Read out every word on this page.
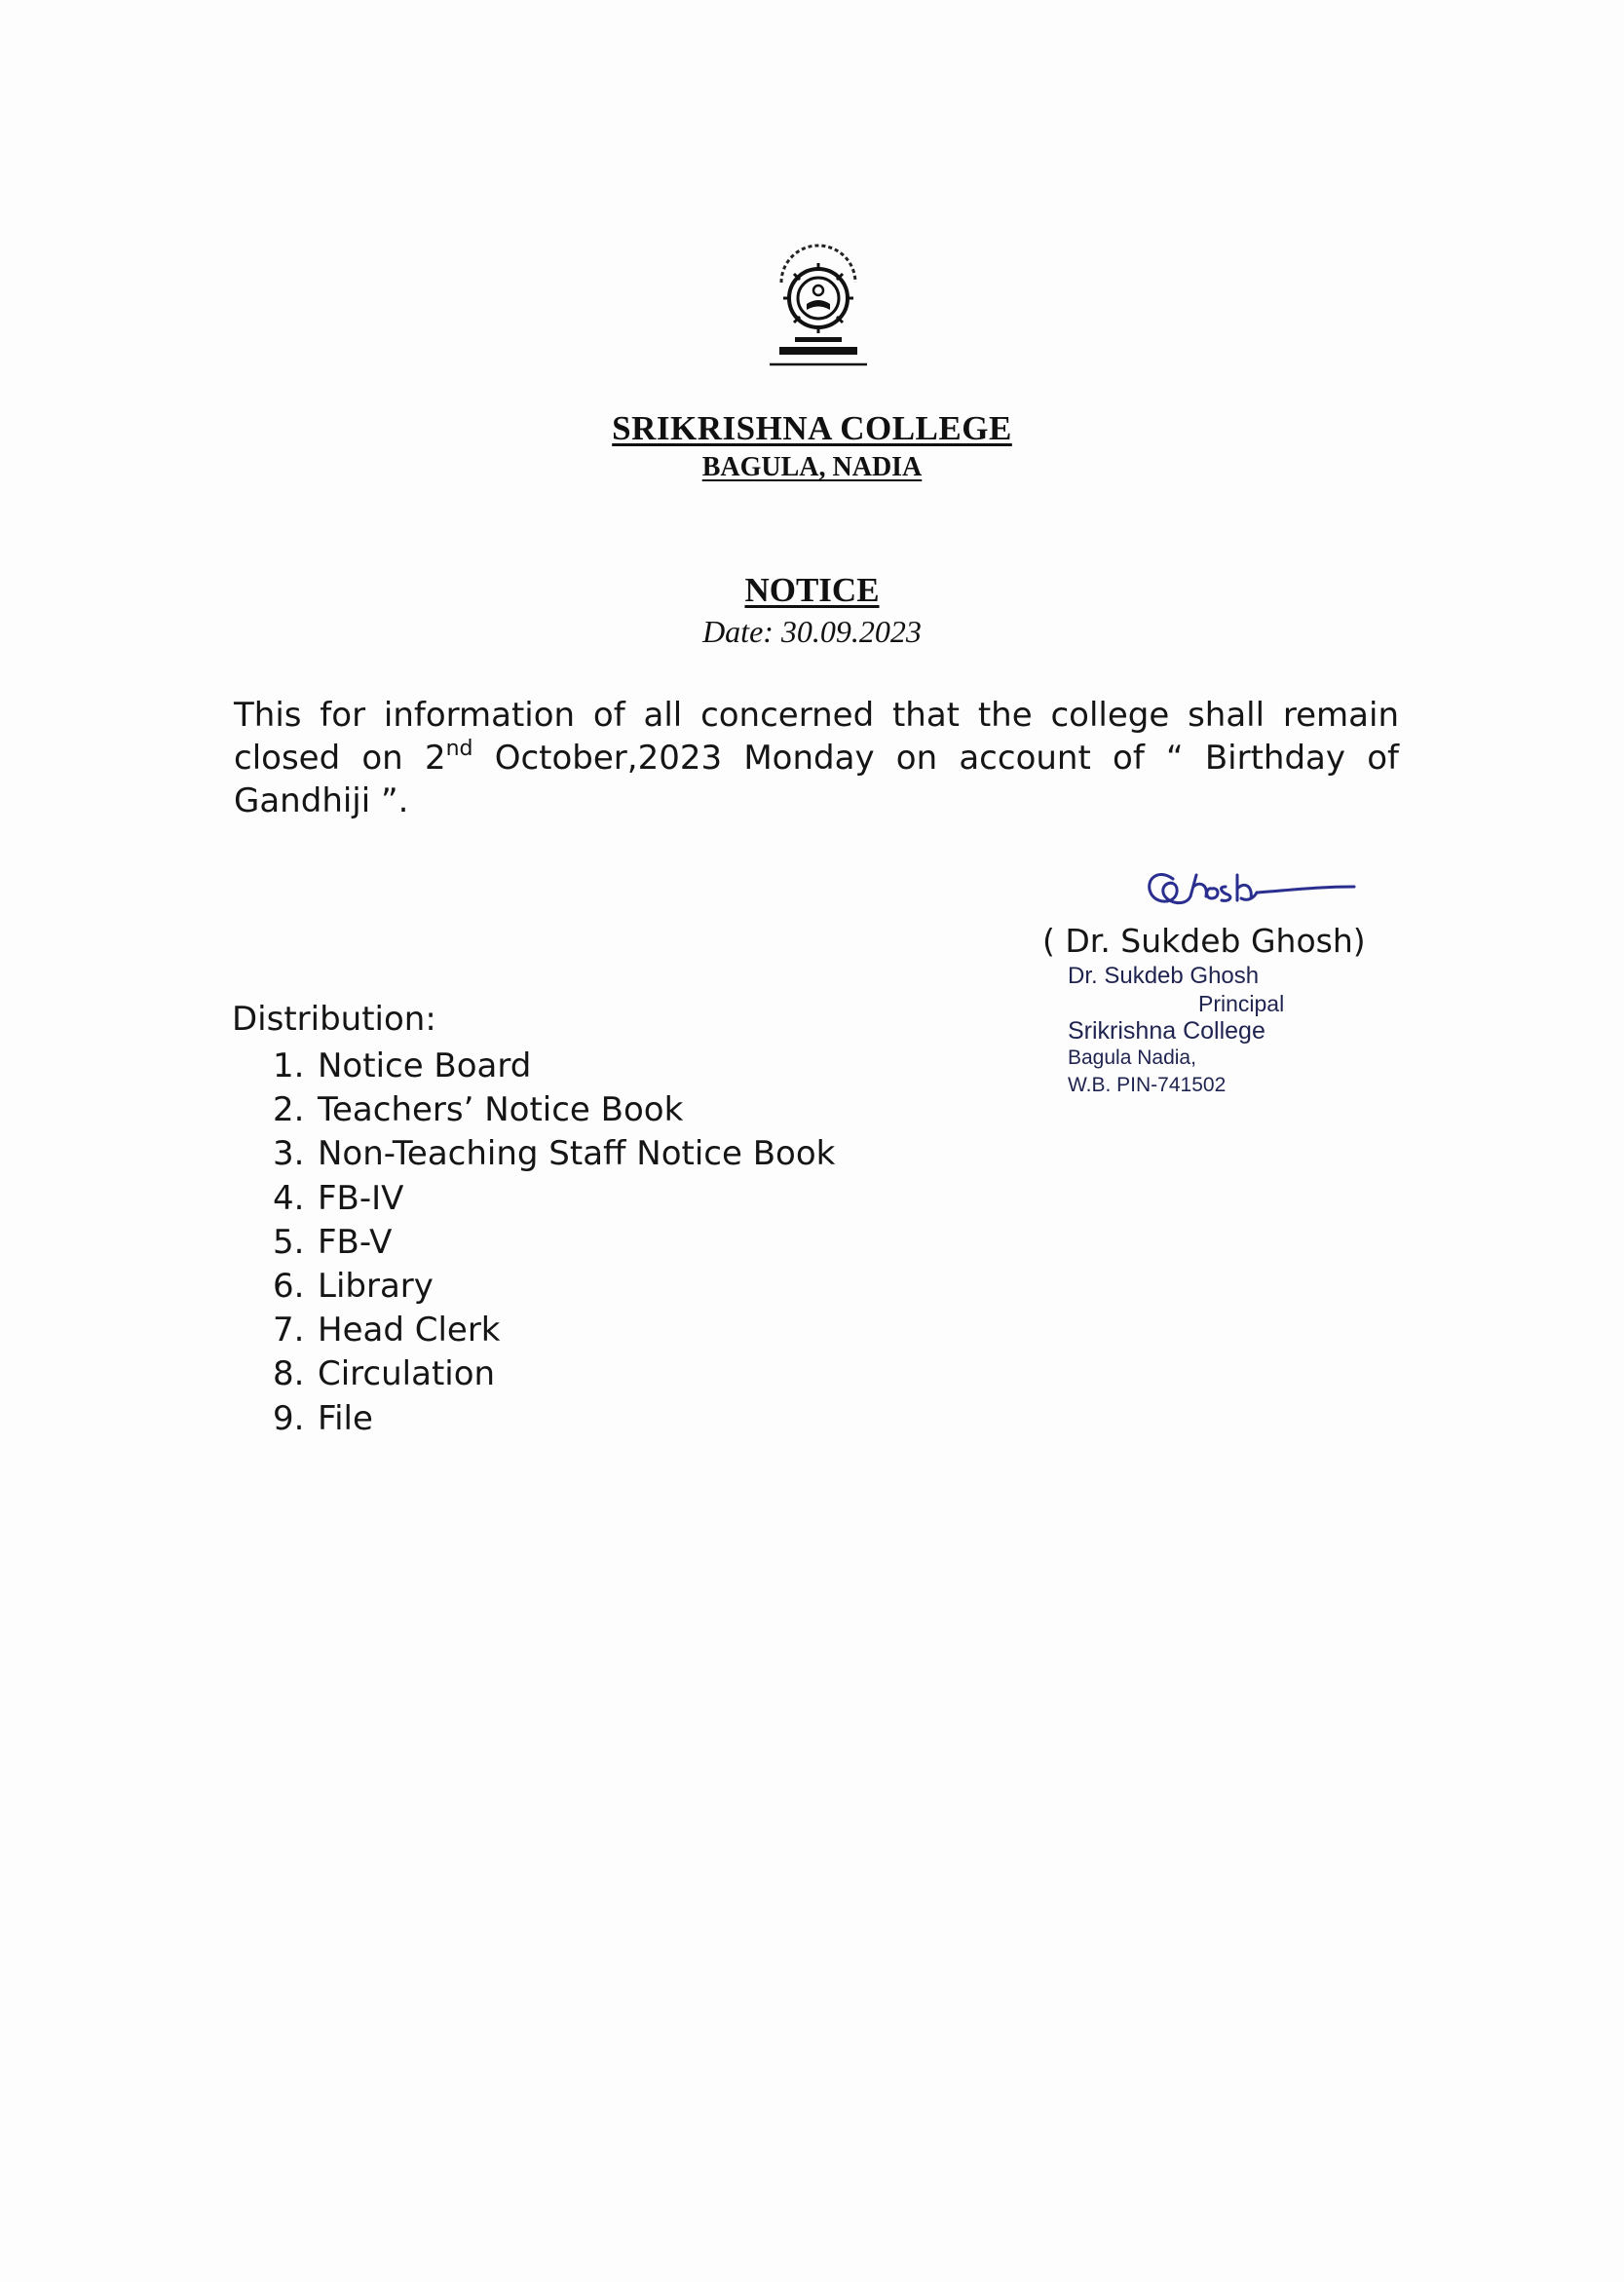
SRIKRISHNA COLLEGE
BAGULA, NADIA
NOTICE
Date: 30.09.2023
This for information of all concerned that the college shall remain closed on 2nd October,2023 Monday on account of “ Birthday of Gandhiji ”.
( Dr. Sukdeb Ghosh)
Dr. Sukdeb Ghosh
Principal
Srikrishna College
Bagula Nadia,
W.B. PIN-741502
Distribution:
1. Notice Board
2. Teachers’ Notice Book
3. Non-Teaching Staff Notice Book
4. FB-IV
5. FB-V
6. Library
7. Head Clerk
8. Circulation
9. File
